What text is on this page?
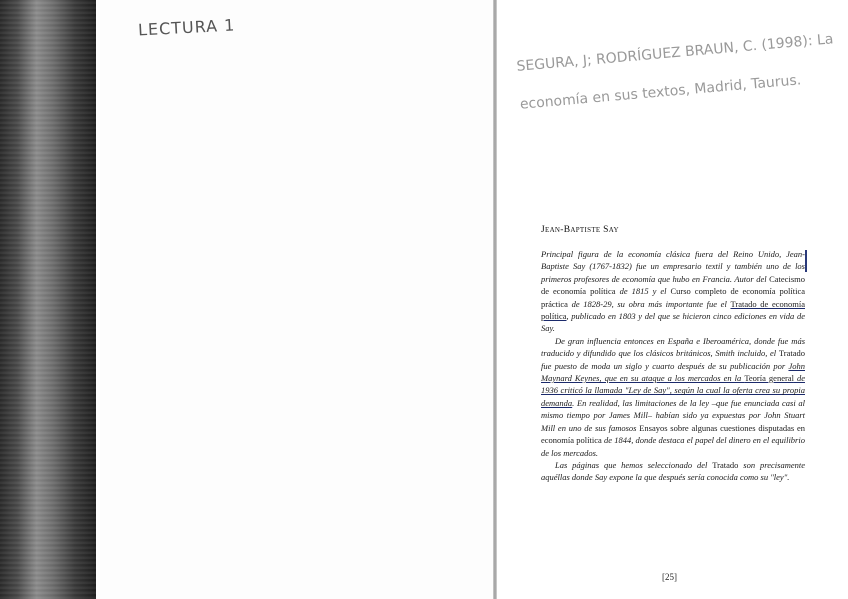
LECTURA 1
SEGURA, J; RODRÍGUEZ BRAUN, C. (1998): La economía en sus textos, Madrid, Taurus.
Jean-Baptiste Say

Principal figura de la economía clásica fuera del Reino Unido, Jean-Baptiste Say (1767-1832) fue un empresario textil y también uno de los primeros profesores de economía que hubo en Francia. Autor del Catecismo de economía política de 1815 y el Curso completo de economía política práctica de 1828-29, su obra más importante fue el Tratado de economía política, publicado en 1803 y del que se hicieron cinco ediciones en vida de Say.

De gran influencia entonces en España e Iberoamérica, donde fue más traducido y difundido que los clásicos británicos, Smith incluido, el Tratado fue puesto de moda un siglo y cuarto después de su publicación por John Maynard Keynes, que en su ataque a los mercados en la Teoría general de 1936 criticó la llamada "Ley de Say", según la cual la oferta crea su propia demanda. En realidad, las limitaciones de la ley –que fue enunciada casi al mismo tiempo por James Mill– habían sido ya expuestas por John Stuart Mill en uno de sus famosos Ensayos sobre algunas cuestiones disputadas en economía política de 1844, donde destaca el papel del dinero en el equilibrio de los mercados.

Las páginas que hemos seleccionado del Tratado son precisamente aquéllas donde Say expone la que después sería conocida como su "ley".

[25]
